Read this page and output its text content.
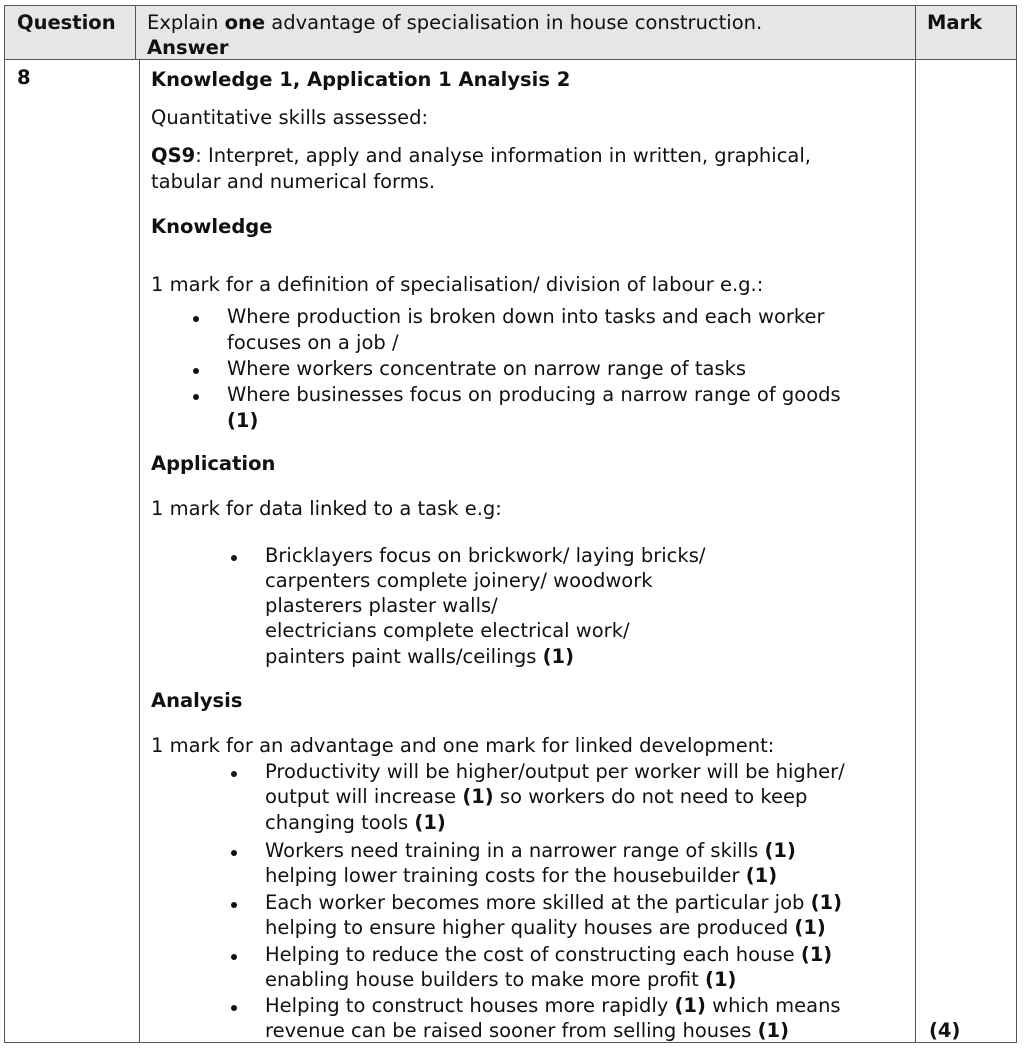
Question Explain one advantage of specialisation in house construction.
Answer
Mark
8
(4)
Knowledge 1, Application 1 Analysis 2
Quantitative skills assessed:
QS9: Interpret, apply and analyse information in written, graphical,
tabular and numerical forms.
Knowledge
1 mark for a definition of specialisation/ division of labour e.g.:
Where production is broken down into tasks and each worker
focuses on a job /
Where workers concentrate on narrow range of tasks
Where businesses focus on producing a narrow range of goods
(1)
Application
1 mark for data linked to a task e.g:
Bricklayers focus on brickwork/ laying bricks/
carpenters complete joinery/ woodwork
plasterers plaster walls/
electricians complete electrical work/
painters paint walls/ceilings (1)
Analysis
1 mark for an advantage and one mark for linked development:
Productivity will be higher/output per worker will be higher/
output will increase (1) so workers do not need to keep
changing tools (1)
Workers need training in a narrower range of skills (1)
helping lower training costs for the housebuilder (1)
Each worker becomes more skilled at the particular job (1)
helping to ensure higher quality houses are produced (1)
Helping to reduce the cost of constructing each house (1)
enabling house builders to make more profit (1)
Helping to construct houses more rapidly (1) which means
revenue can be raised sooner from selling houses (1)
